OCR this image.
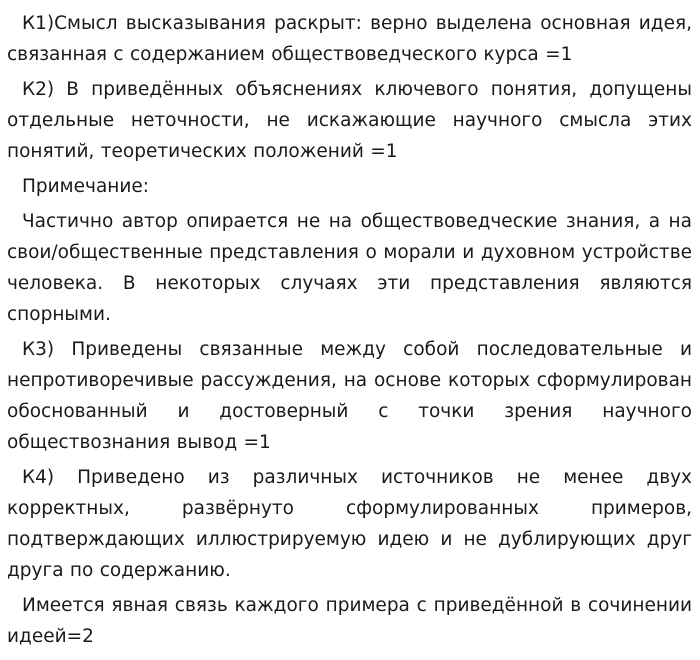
К1)Смысл высказывания раскрыт: верно выделена основная идея, связанная с содержанием обществоведческого курса =1

К2) В приведённых объяснениях ключевого понятия, допущены отдельные неточности, не искажающие научного смысла этих понятий, теоретических положений =1

Примечание:

Частично автор опирается не на обществоведческие знания, а на свои/общественные представления о морали и духовном устройстве человека. В некоторых случаях эти представления являются спорными.

К3) Приведены связанные между собой последовательные и непротиворечивые рассуждения, на основе которых сформулирован обоснованный и достоверный с точки зрения научного обществознания вывод =1

К4) Приведено из различных источников не менее двух корректных, развёрнуто сформулированных примеров, подтверждающих иллюстрируемую идею и не дублирующих друг друга по содержанию.

Имеется явная связь каждого примера с приведённой в сочинении идеей=2
